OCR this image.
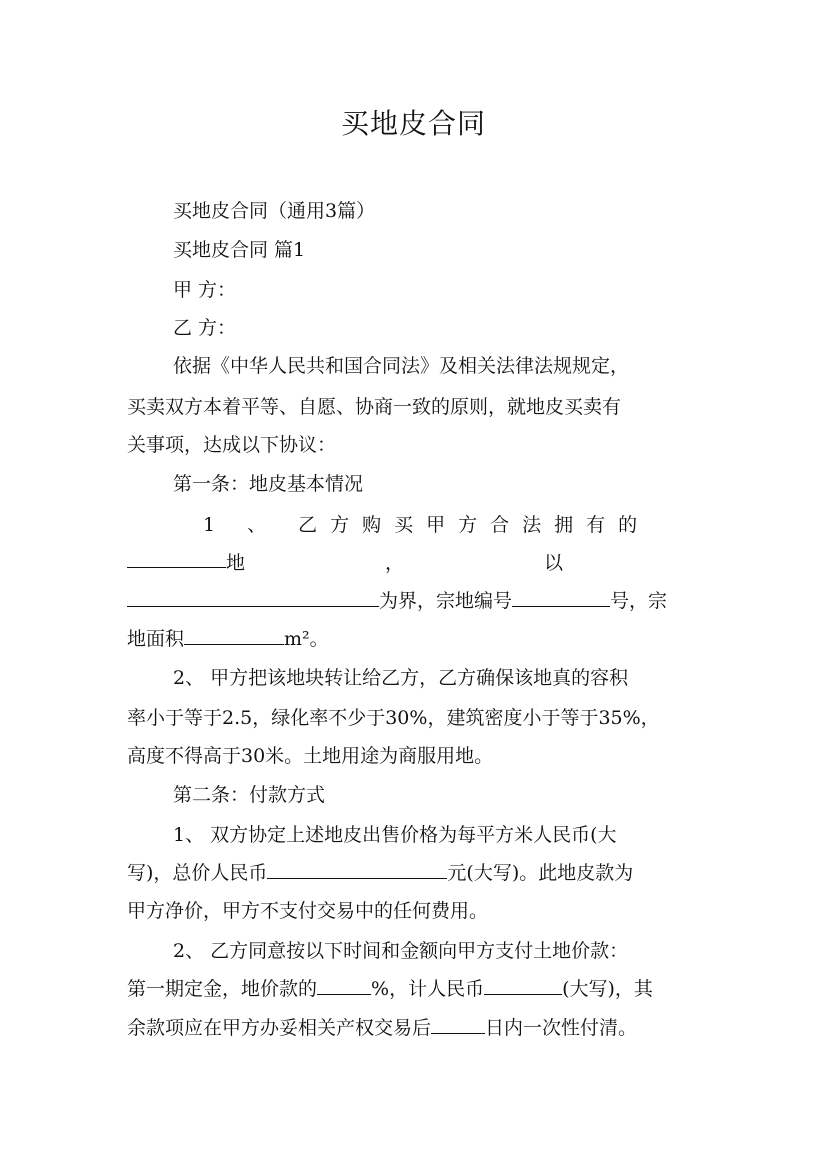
买地皮合同

买地皮合同（通用3篇）

买地皮合同 篇1

甲 方：

乙 方：

依据《中华人民共和国合同法》及相关法律法规规定，

买卖双方本着平等、自愿、协商一致的原则，就地皮买卖有

关事项，达成以下协议：

第一条：地皮基本情况

1 、 乙方购买甲方合法拥有的

地，以

为界，宗地编号	号，宗

地面积	m²。

2、 甲方把该地块转让给乙方，乙方确保该地真的容积

率小于等于2.5，绿化率不少于30%，建筑密度小于等于35%，

高度不得高于30米。土地用途为商服用地。

第二条：付款方式

1、 双方协定上述地皮出售价格为每平方米人民币(大

写)，总价人民币	元(大写)。此地皮款为

甲方净价，甲方不支付交易中的任何费用。

2、 乙方同意按以下时间和金额向甲方支付土地价款：

第一期定金，地价款的	%，计人民币	(大写)，其

余款项应在甲方办妥相关产权交易后	日内一次性付清。
